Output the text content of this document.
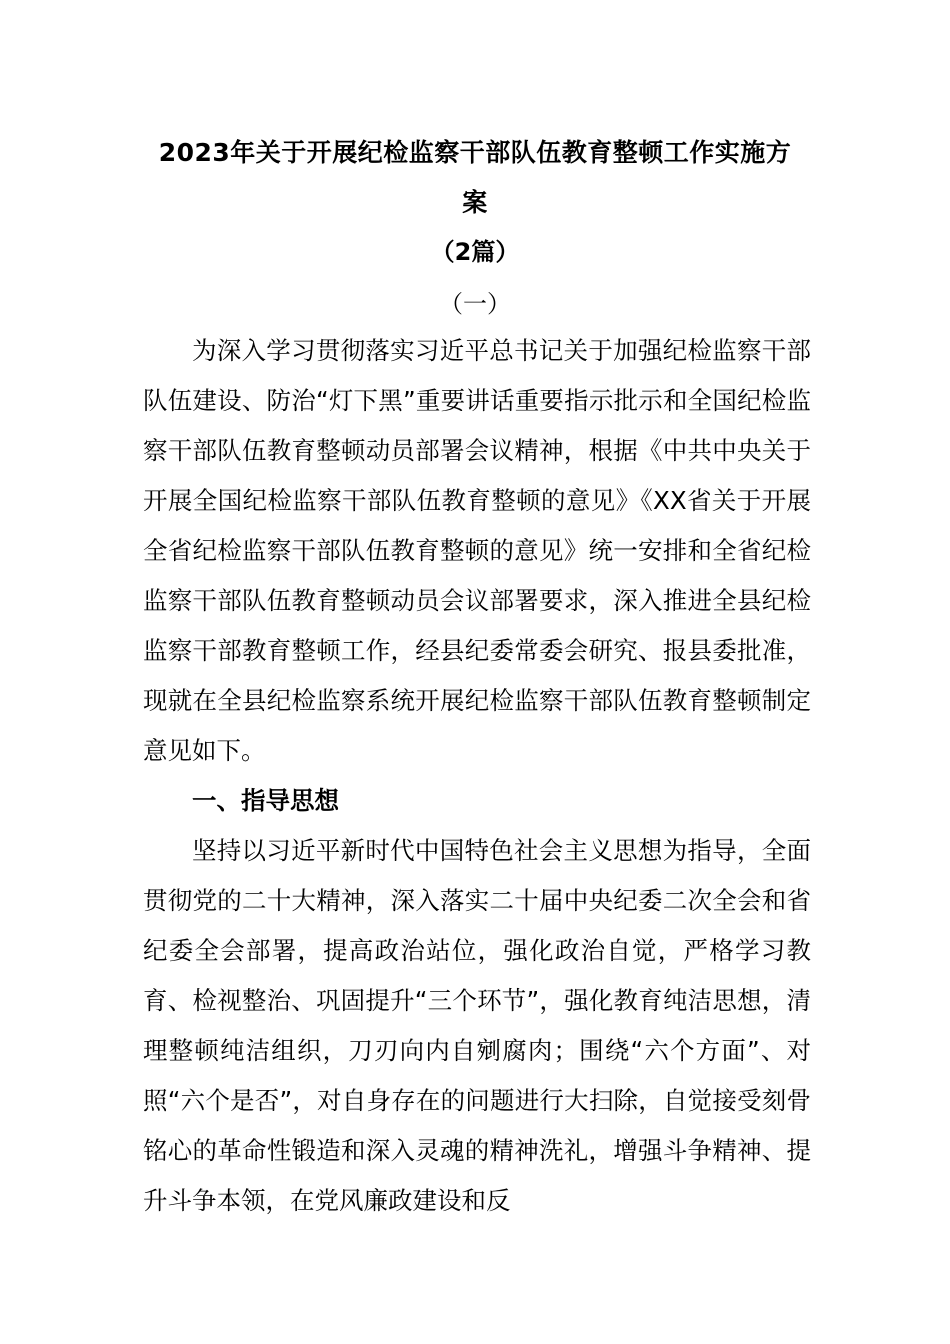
2023年关于开展纪检监察干部队伍教育整顿工作实施方

案

（2篇）

（一）

为深入学习贯彻落实习近平总书记关于加强纪检监察干部队伍建设、防治“灯下黑”重要讲话重要指示批示和全国纪检监察干部队伍教育整顿动员部署会议精神，根据《中共中央关于开展全国纪检监察干部队伍教育整顿的意见》《XX省关于开展全省纪检监察干部队伍教育整顿的意见》统一安排和全省纪检监察干部队伍教育整顿动员会议部署要求，深入推进全县纪检监察干部教育整顿工作，经县纪委常委会研究、报县委批准，现就在全县纪检监察系统开展纪检监察干部队伍教育整顿制定意见如下。

一、指导思想

坚持以习近平新时代中国特色社会主义思想为指导，全面贯彻党的二十大精神，深入落实二十届中央纪委二次全会和省纪委全会部署，提高政治站位，强化政治自觉，严格学习教育、检视整治、巩固提升“三个环节”，强化教育纯洁思想，清理整顿纯洁组织，刀刃向内自剜腐肉；围绕“六个方面”、对照“六个是否”，对自身存在的问题进行大扫除，自觉接受刻骨铭心的革命性锻造和深入灵魂的精神洗礼，增强斗争精神、提升斗争本领，在党风廉政建设和反
